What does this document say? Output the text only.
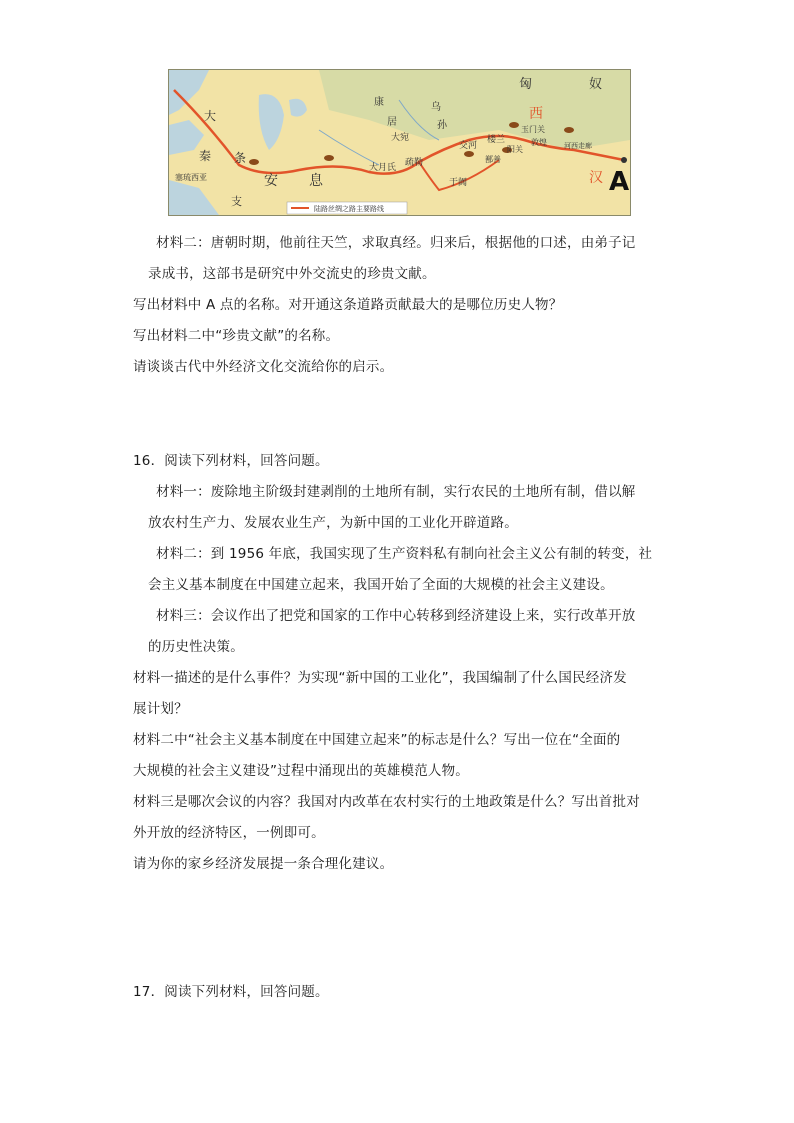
匈	奴
大
秦 条
支
安 息
西
汉 A
康
居
乌
孙
大宛
疏勒
大月氏
于阗
交河
楼兰
玉门关
敦煌 河西走廊
阳关
鄯善
塞琉西亚
陆路丝绸之路主要路线
材料二：唐朝时期，他前往天竺，求取真经。归来后，根据他的口述，由弟子记
录成书，这部书是研究中外交流史的珍贵文献。
写出材料中 A 点的名称。对开通这条道路贡献最大的是哪位历史人物？
写出材料二中“珍贵文献”的名称。
请谈谈古代中外经济文化交流给你的启示。
16．阅读下列材料，回答问题。
材料一：废除地主阶级封建剥削的土地所有制，实行农民的土地所有制，借以解
放农村生产力、发展农业生产，为新中国的工业化开辟道路。
材料二：到 1956 年底，我国实现了生产资料私有制向社会主义公有制的转变，社
会主义基本制度在中国建立起来，我国开始了全面的大规模的社会主义建设。
材料三：会议作出了把党和国家的工作中心转移到经济建设上来，实行改革开放
的历史性决策。
材料一描述的是什么事件？为实现“新中国的工业化”，我国编制了什么国民经济发
展计划？
材料二中“社会主义基本制度在中国建立起来”的标志是什么？写出一位在“全面的
大规模的社会主义建设”过程中涌现出的英雄模范人物。
材料三是哪次会议的内容？我国对内改革在农村实行的土地政策是什么？写出首批对
外开放的经济特区，一例即可。
请为你的家乡经济发展提一条合理化建议。
17．阅读下列材料，回答问题。
